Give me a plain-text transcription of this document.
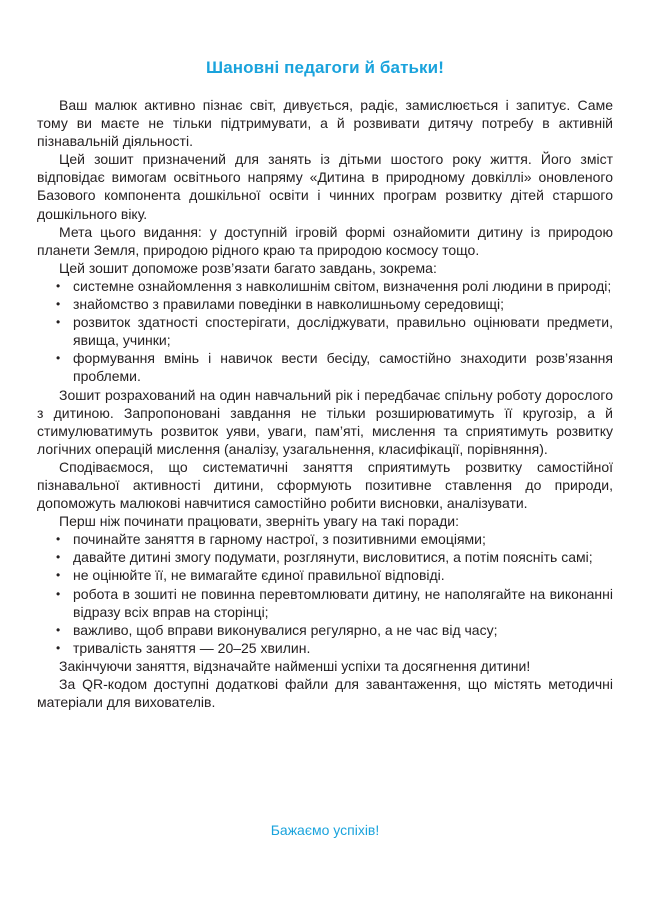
Шановні педагоги й батьки!

Ваш малюк активно пізнає світ, дивується, радіє, замислюється і запитує. Саме тому ви маєте не тільки підтримувати, а й розвивати дитячу потребу в активній пізнавальній діяльності.

Цей зошит призначений для занять із дітьми шостого року життя. Його зміст відповідає вимогам освітнього напряму «Дитина в природному довкіллі» оновленого Базового компонента дошкільної освіти і чинних програм розвитку дітей старшого дошкільного віку.

Мета цього видання: у доступній ігровій формі ознайомити дитину із природою планети Земля, природою рідного краю та природою космосу тощо.

Цей зошит допоможе розв’язати багато завдань, зокрема:

• системне ознайомлення з навколишнім світом, визначення ролі людини в природі;
• знайомство з правилами поведінки в навколишньому середовищі;
• розвиток здатності спостерігати, досліджувати, правильно оцінювати предмети, явища, учинки;
• формування вмінь і навичок вести бесіду, самостійно знаходити розв’язання проблеми.

Зошит розрахований на один навчальний рік і передбачає спільну роботу дорослого з дитиною. Запропоновані завдання не тільки розширюватимуть її кругозір, а й стимулюватимуть розвиток уяви, уваги, пам’яті, мислення та сприятимуть розвитку логічних операцій мислення (аналізу, узагальнення, класифікації, порівняння).

Сподіваємося, що систематичні заняття сприятимуть розвитку самостійної пізнавальної активності дитини, сформують позитивне ставлення до природи, допоможуть малюкові навчитися самостійно робити висновки, аналізувати.

Перш ніж починати працювати, зверніть увагу на такі поради:

• починайте заняття в гарному настрої, з позитивними емоціями;
• давайте дитині змогу подумати, розглянути, висловитися, а потім поясніть самі;
• не оцінюйте її, не вимагайте єдиної правильної відповіді.
• робота в зошиті не повинна перевтомлювати дитину, не наполягайте на виконанні відразу всіх вправ на сторінці;
• важливо, щоб вправи виконувалися регулярно, а не час від часу;
• тривалість заняття — 20–25 хвилин.

Закінчуючи заняття, відзначайте найменші успіхи та досягнення дитини!

За QR-кодом доступні додаткові файли для завантаження, що містять методичні матеріали для вихователів.

Бажаємо успіхів!
